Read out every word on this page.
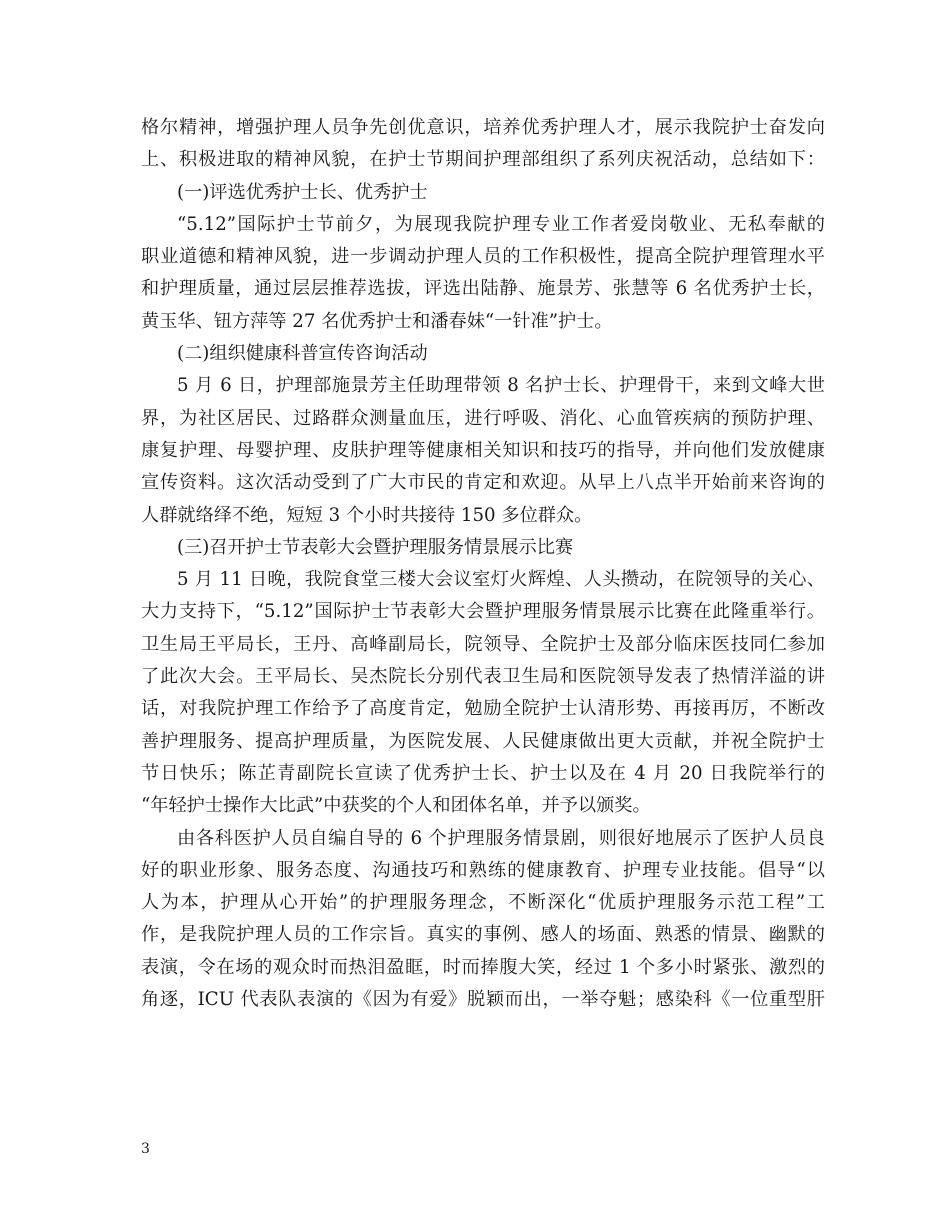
格尔精神，增强护理人员争先创优意识，培养优秀护理人才，展示我院护士奋发向
上、积极进取的精神风貌，在护士节期间护理部组织了系列庆祝活动，总结如下：
(一)评选优秀护士长、优秀护士
“5.12”国际护士节前夕，为展现我院护理专业工作者爱岗敬业、无私奉献的
职业道德和精神风貌，进一步调动护理人员的工作积极性，提高全院护理管理水平
和护理质量，通过层层推荐选拔，评选出陆静、施景芳、张慧等 6 名优秀护士长，
黄玉华、钮方萍等 27 名优秀护士和潘春妹“一针准”护士。
(二)组织健康科普宣传咨询活动
5 月 6 日，护理部施景芳主任助理带领 8 名护士长、护理骨干，来到文峰大世
界，为社区居民、过路群众测量血压，进行呼吸、消化、心血管疾病的预防护理、
康复护理、母婴护理、皮肤护理等健康相关知识和技巧的指导，并向他们发放健康
宣传资料。这次活动受到了广大市民的肯定和欢迎。从早上八点半开始前来咨询的
人群就络绎不绝，短短 3 个小时共接待 150 多位群众。
(三)召开护士节表彰大会暨护理服务情景展示比赛
5 月 11 日晚，我院食堂三楼大会议室灯火辉煌、人头攒动，在院领导的关心、
大力支持下，“5.12”国际护士节表彰大会暨护理服务情景展示比赛在此隆重举行。
卫生局王平局长，王丹、高峰副局长，院领导、全院护士及部分临床医技同仁参加
了此次大会。王平局长、吴杰院长分别代表卫生局和医院领导发表了热情洋溢的讲
话，对我院护理工作给予了高度肯定，勉励全院护士认清形势、再接再厉，不断改
善护理服务、提高护理质量，为医院发展、人民健康做出更大贡献，并祝全院护士
节日快乐；陈芷青副院长宣读了优秀护士长、护士以及在 4 月 20 日我院举行的
“年轻护士操作大比武”中获奖的个人和团体名单，并予以颁奖。
由各科医护人员自编自导的 6 个护理服务情景剧，则很好地展示了医护人员良
好的职业形象、服务态度、沟通技巧和熟练的健康教育、护理专业技能。倡导“以
人为本，护理从心开始”的护理服务理念，不断深化“优质护理服务示范工程”工
作，是我院护理人员的工作宗旨。真实的事例、感人的场面、熟悉的情景、幽默的
表演，令在场的观众时而热泪盈眶，时而捧腹大笑，经过 1 个多小时紧张、激烈的
角逐，ICU 代表队表演的《因为有爱》脱颖而出，一举夺魁；感染科《一位重型肝
3
